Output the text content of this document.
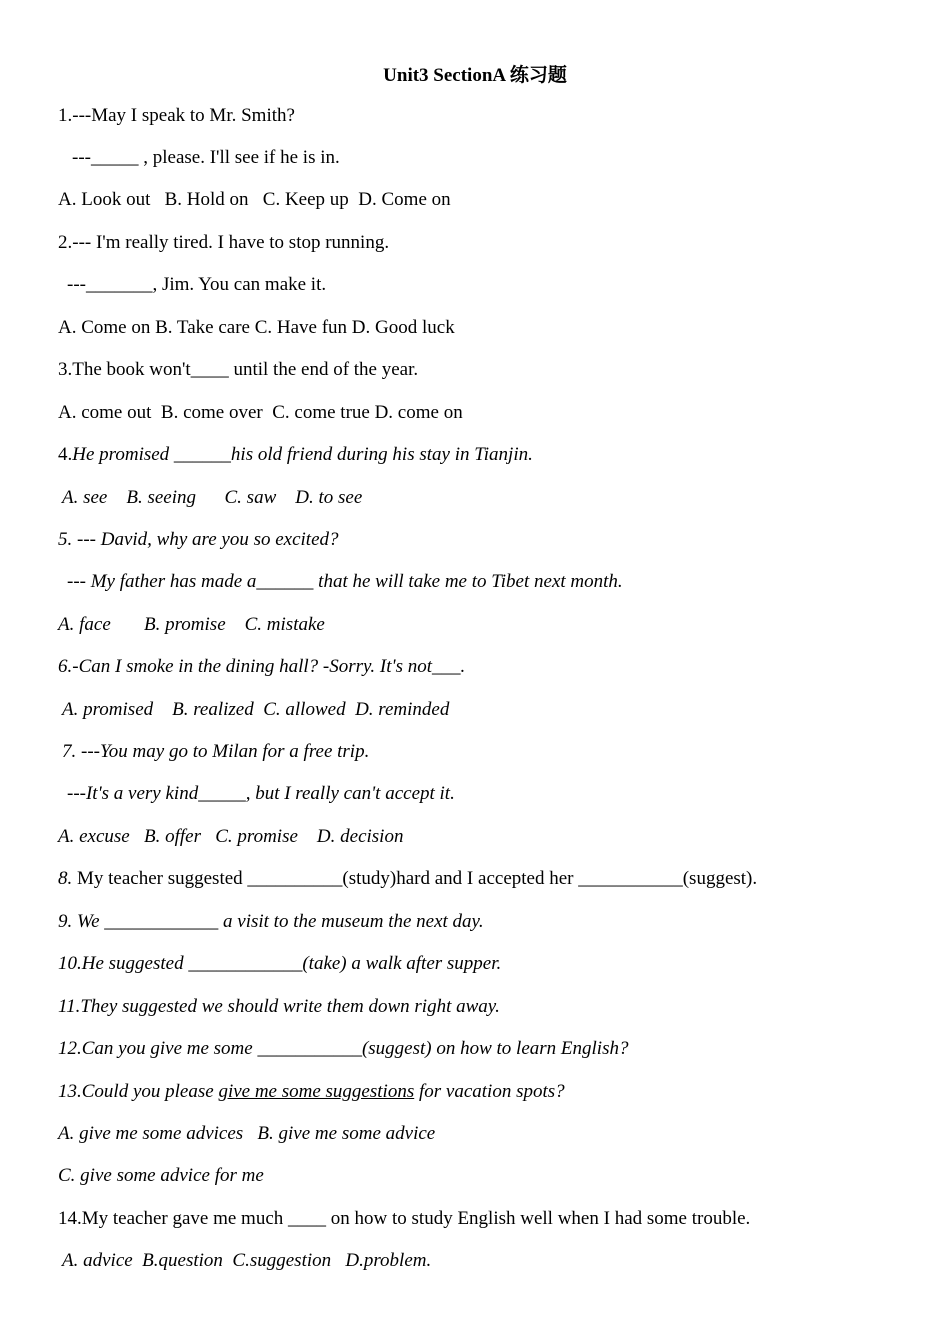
Unit3 SectionA 练习题
1.---May I speak to Mr. Smith?
---_____ , please. I'll see if he is in.
A. Look out   B. Hold on   C. Keep up  D. Come on
2.--- I'm really tired. I have to stop running.
---_______, Jim. You can make it.
A. Come on B. Take care C. Have fun D. Good luck
3.The book won't____ until the end of the year.
A. come out  B. come over  C. come true D. come on
4.He promised ______his old friend during his stay in Tianjin.
A. see    B. seeing      C. saw    D. to see
5. --- David, why are you so excited?
--- My father has made a______ that he will take me to Tibet next month.
A. face       B. promise    C. mistake
6.-Can I smoke in the dining hall? -Sorry. It's not___.
A. promised    B. realized  C. allowed  D. reminded
7. ---You may go to Milan for a free trip.
---It's a very kind_____, but I really can't accept it.
A. excuse   B. offer   C. promise    D. decision
8. My teacher suggested __________(study)hard and I accepted her ___________(suggest).
9. We ____________ a visit to the museum the next day.
10.He suggested ____________(take) a walk after supper.
11.They suggested we should write them down right away.
12.Can you give me some ___________(suggest) on how to learn English?
13.Could you please give me some suggestions for vacation spots?
A. give me some advices   B. give me some advice
C. give some advice for me
14.My teacher gave me much ____ on how to study English well when I had some trouble.
A. advice  B.question  C.suggestion   D.problem.
